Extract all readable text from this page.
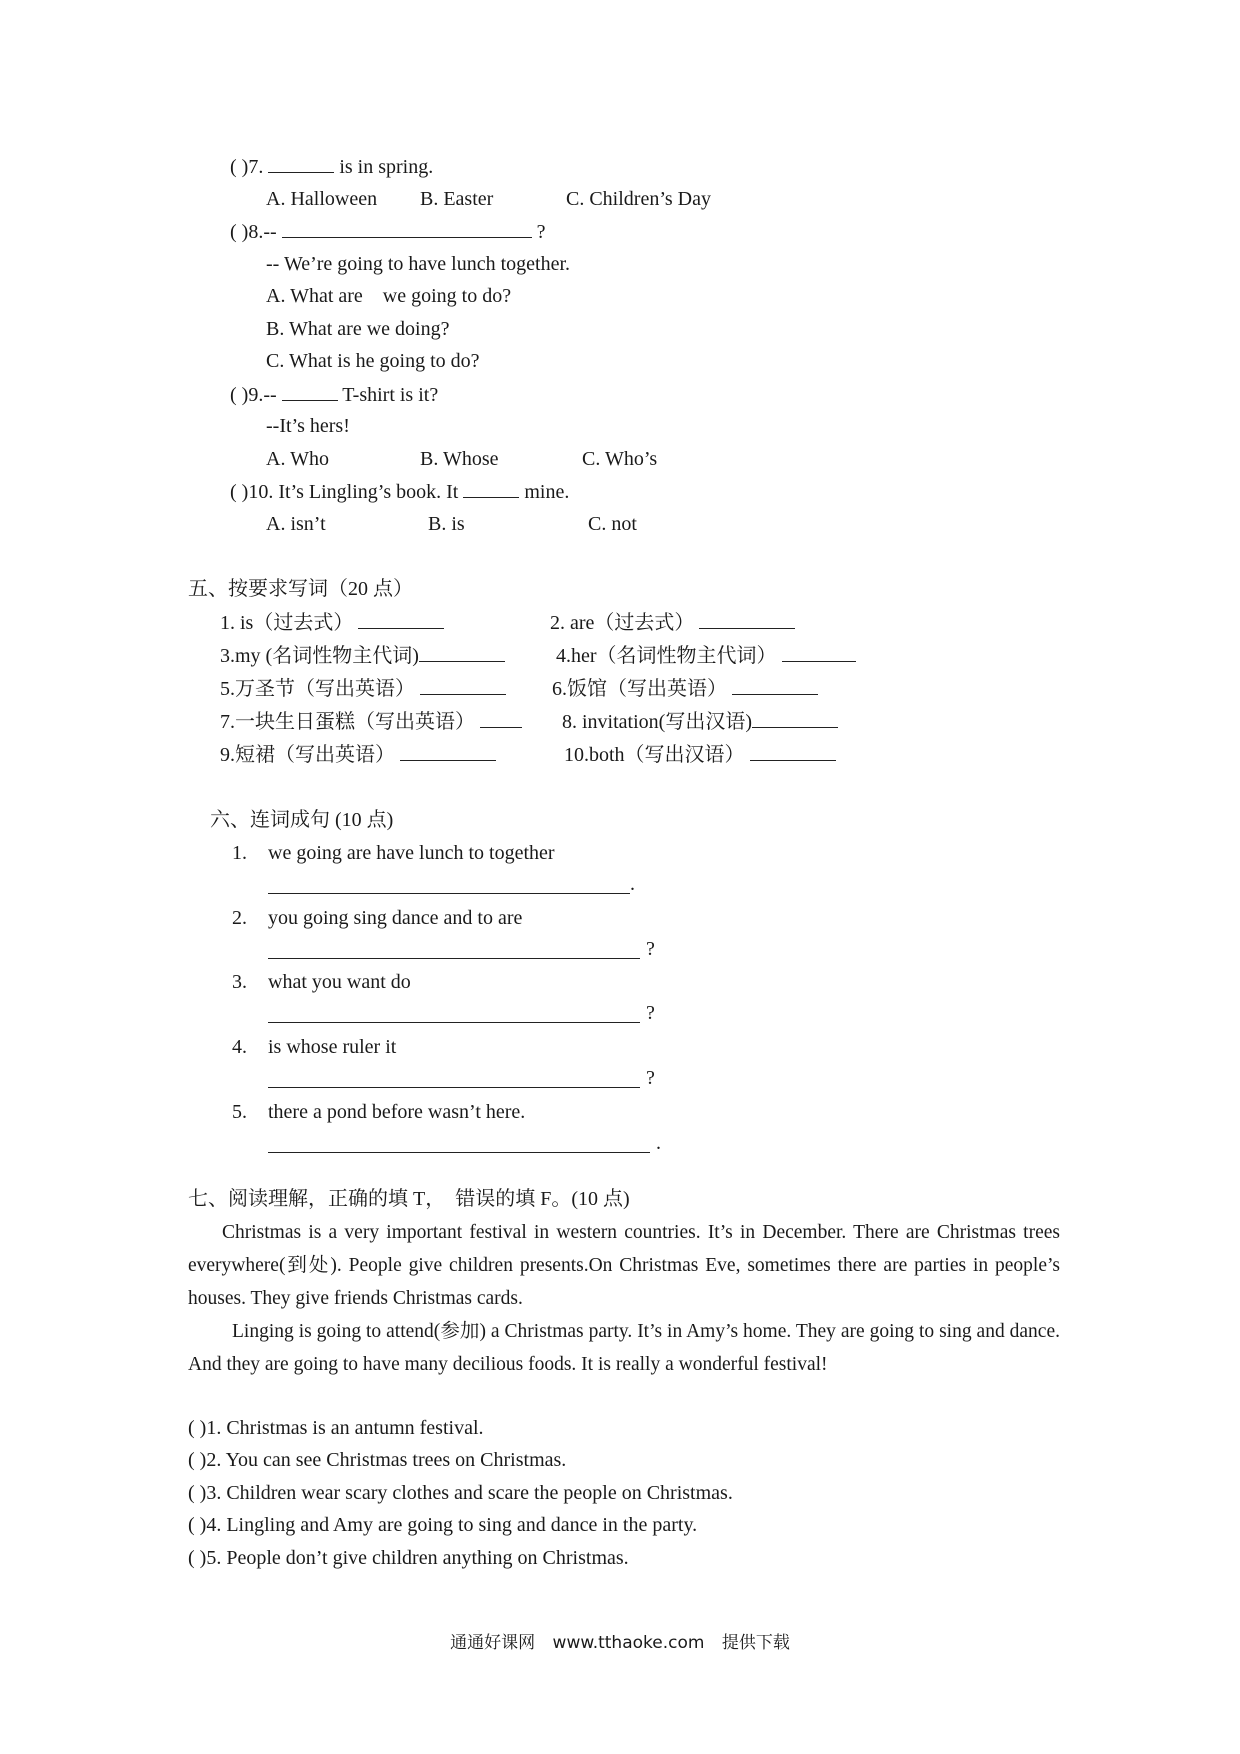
( )7.	is in spring.
A. Halloween B. Easter	C. Children’s Day
( )8.--	?
-- We’re going to have lunch together.
A. What are    we going to do?
B. What are we doing?
C. What is he going to do?
( )9.--	T-shirt is it?
--It’s hers!
A. Who	B. Whose	C. Who’s
( )10. It’s Lingling’s book. It	mine.
A. isn’t	B. is	C. not
五、按要求写词（20 点）
1. is（过去式）	2. are（过去式）
3.my (名词性物主代词)	4.her（名词性物主代词）
5.万圣节（写出英语）	6.饭馆（写出英语）
7.一块生日蛋糕（写出英语）	8. invitation(写出汉语)
9.短裙（写出英语）	10.both（写出汉语）
六、连词成句 (10 点)
1. we going are have lunch to together
.
2. you going sing dance and to are
?
3. what you want do
?
4. is whose ruler it
?
5. there a pond before wasn’t here.
.
七、阅读理解，正确的填 T，  错误的填 F。(10 点)

Christmas is a very important festival in western countries. It’s in December. There are Christmas trees everywhere(到处). People give children presents.On Christmas Eve, sometimes there are parties in people’s houses. They give friends Christmas cards.

Linging is going to attend(参加) a Christmas party. It’s in Amy’s home. They are going to sing and dance. And they are going to have many decilious foods. It is really a wonderful festival!

( )1. Christmas is an antumn festival.
( )2. You can see Christmas trees on Christmas.
( )3. Children wear scary clothes and scare the people on Christmas.
( )4. Lingling and Amy are going to sing and dance in the party.
( )5. People don’t give children anything on Christmas.
通通好课网 www.tthaoke.com 提供下载
